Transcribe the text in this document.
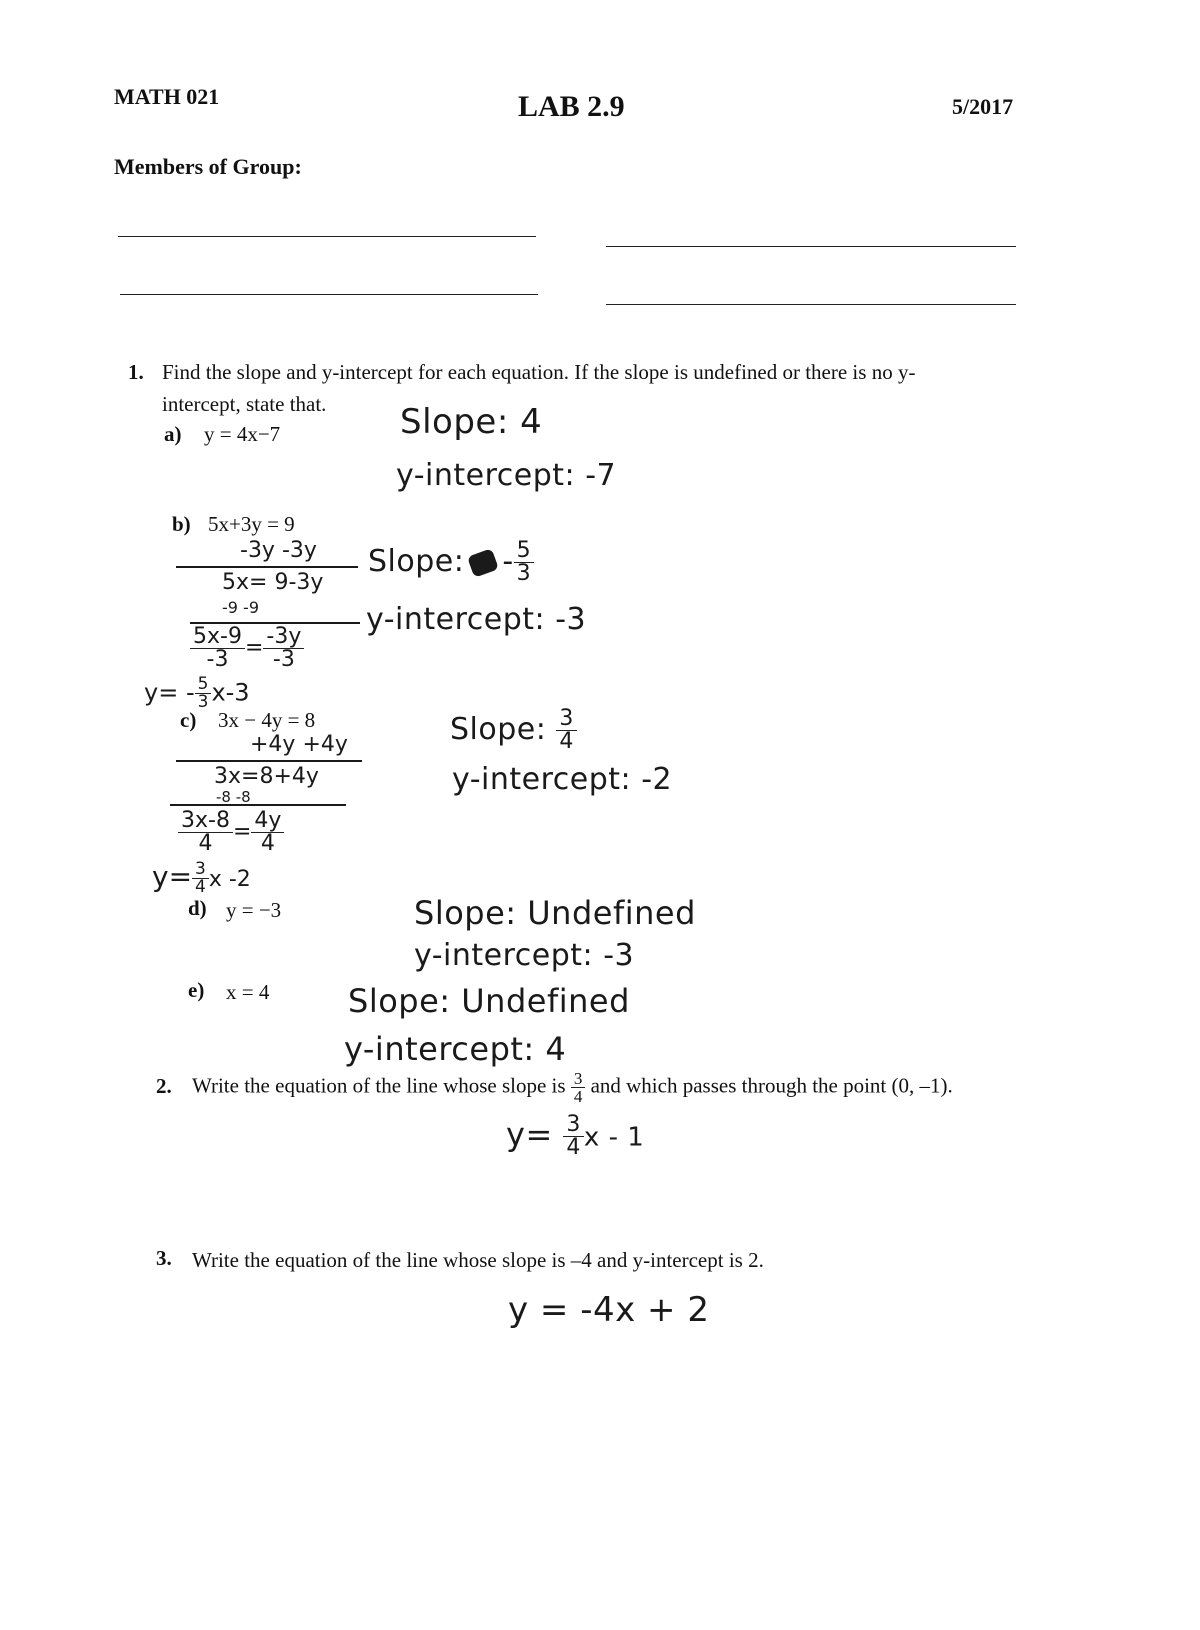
MATH 021	LAB 2.9	5/2017
Members of Group:
1. Find the slope and y-intercept for each equation. If the slope is undefined or there is no y-
intercept, state that.
a) y = 4x−7	Slope: 4
y-intercept: -7
b) 5x+3y = 9
-3y -3y
5x= 9-3y
-9 -9
$\frac{5x-9}{-3} = \frac{-3y}{-3}$
$y= - \frac{5}{3} x-3$
Slope: - $\frac{5}{3}$
y-intercept: -3
c) 3x − 4y = 8
+4y +4y
3x=8+4y
-8 -8
$\frac{3x-8}{4} = \frac{4y}{4}$
$y= \frac{3}{4}$ x -2
Slope: $\frac{3}{4}$
y-intercept: -2
d) y = −3	Slope: Undefined
y-intercept: -3
e) x = 4 Slope: Undefined
y-intercept: 4
2. Write the equation of the line whose slope is $\frac{3}{4}$ and which passes through the point (0, –1).
$y= \frac{3}{4}$ x - 1
3. Write the equation of the line whose slope is –4 and y-intercept is 2.
y = -4x + 2
